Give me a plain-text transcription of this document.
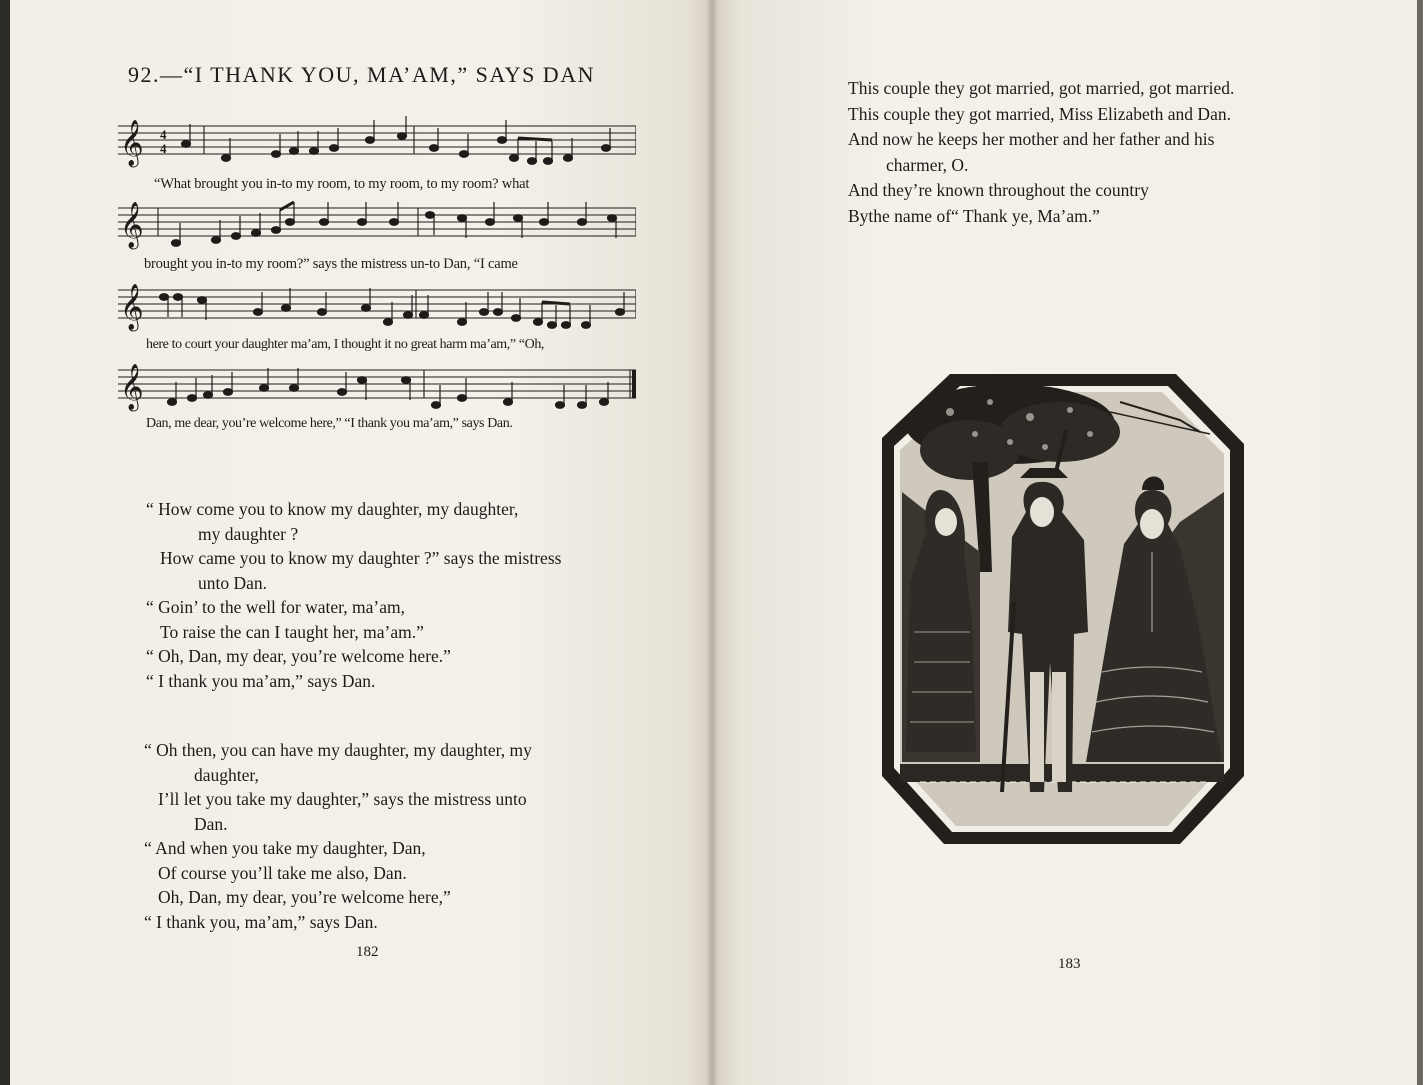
92.—“I THANK YOU, MA’AM,” SAYS DAN
𝄞 4
4
“What brought you in-to my room, to my room, to my room? what
𝄞
brought you in-to my room?” says the mistress un-to Dan, “I came
𝄞
here to court your daughter ma’am, I thought it no great harm ma’am,” “Oh,
𝄞
Dan, me dear, you’re welcome here,” “I thank you ma’am,” says Dan.
“ How come you to know my daughter, my daughter,
my daughter ?
How came you to know my daughter ?” says the mistress
unto Dan.
“ Goin’ to the well for water, ma’am,
To raise the can I taught her, ma’am.”
“ Oh, Dan, my dear, you’re welcome here.”
“ I thank you ma’am,” says Dan.
“ Oh then, you can have my daughter, my daughter, my
daughter,
I’ll let you take my daughter,” says the mistress unto
Dan.
“ And when you take my daughter, Dan,
Of course you’ll take me also, Dan.
Oh, Dan, my dear, you’re welcome here,”
“ I thank you, ma’am,” says Dan.
182
This couple they got married, got married, got married.
This couple they got married, Miss Elizabeth and Dan.
And now he keeps her mother and her father and his
charmer, O.
And they’re known throughout the country
Bythe name of“ Thank ye, Ma’am.”
183
